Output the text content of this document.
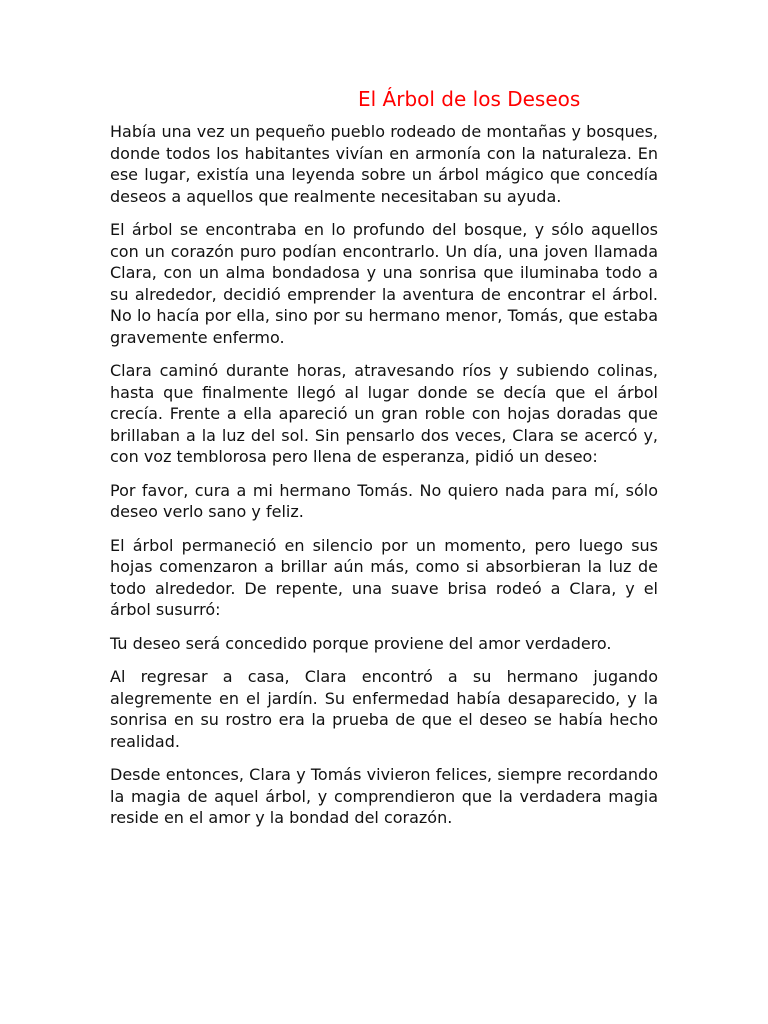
El Árbol de los Deseos

Había una vez un pequeño pueblo rodeado de montañas y bosques, donde todos los habitantes vivían en armonía con la naturaleza. En ese lugar, existía una leyenda sobre un árbol mágico que concedía deseos a aquellos que realmente necesitaban su ayuda.

El árbol se encontraba en lo profundo del bosque, y sólo aquellos con un corazón puro podían encontrarlo. Un día, una joven llamada Clara, con un alma bondadosa y una sonrisa que iluminaba todo a su alrededor, decidió emprender la aventura de encontrar el árbol. No lo hacía por ella, sino por su hermano menor, Tomás, que estaba gravemente enfermo.

Clara caminó durante horas, atravesando ríos y subiendo colinas, hasta que finalmente llegó al lugar donde se decía que el árbol crecía. Frente a ella apareció un gran roble con hojas doradas que brillaban a la luz del sol. Sin pensarlo dos veces, Clara se acercó y, con voz temblorosa pero llena de esperanza, pidió un deseo:

Por favor, cura a mi hermano Tomás. No quiero nada para mí, sólo deseo verlo sano y feliz.

El árbol permaneció en silencio por un momento, pero luego sus hojas comenzaron a brillar aún más, como si absorbieran la luz de todo alrededor. De repente, una suave brisa rodeó a Clara, y el árbol susurró:

Tu deseo será concedido porque proviene del amor verdadero.

Al regresar a casa, Clara encontró a su hermano jugando alegremente en el jardín. Su enfermedad había desaparecido, y la sonrisa en su rostro era la prueba de que el deseo se había hecho realidad.

Desde entonces, Clara y Tomás vivieron felices, siempre recordando la magia de aquel árbol, y comprendieron que la verdadera magia reside en el amor y la bondad del corazón.
